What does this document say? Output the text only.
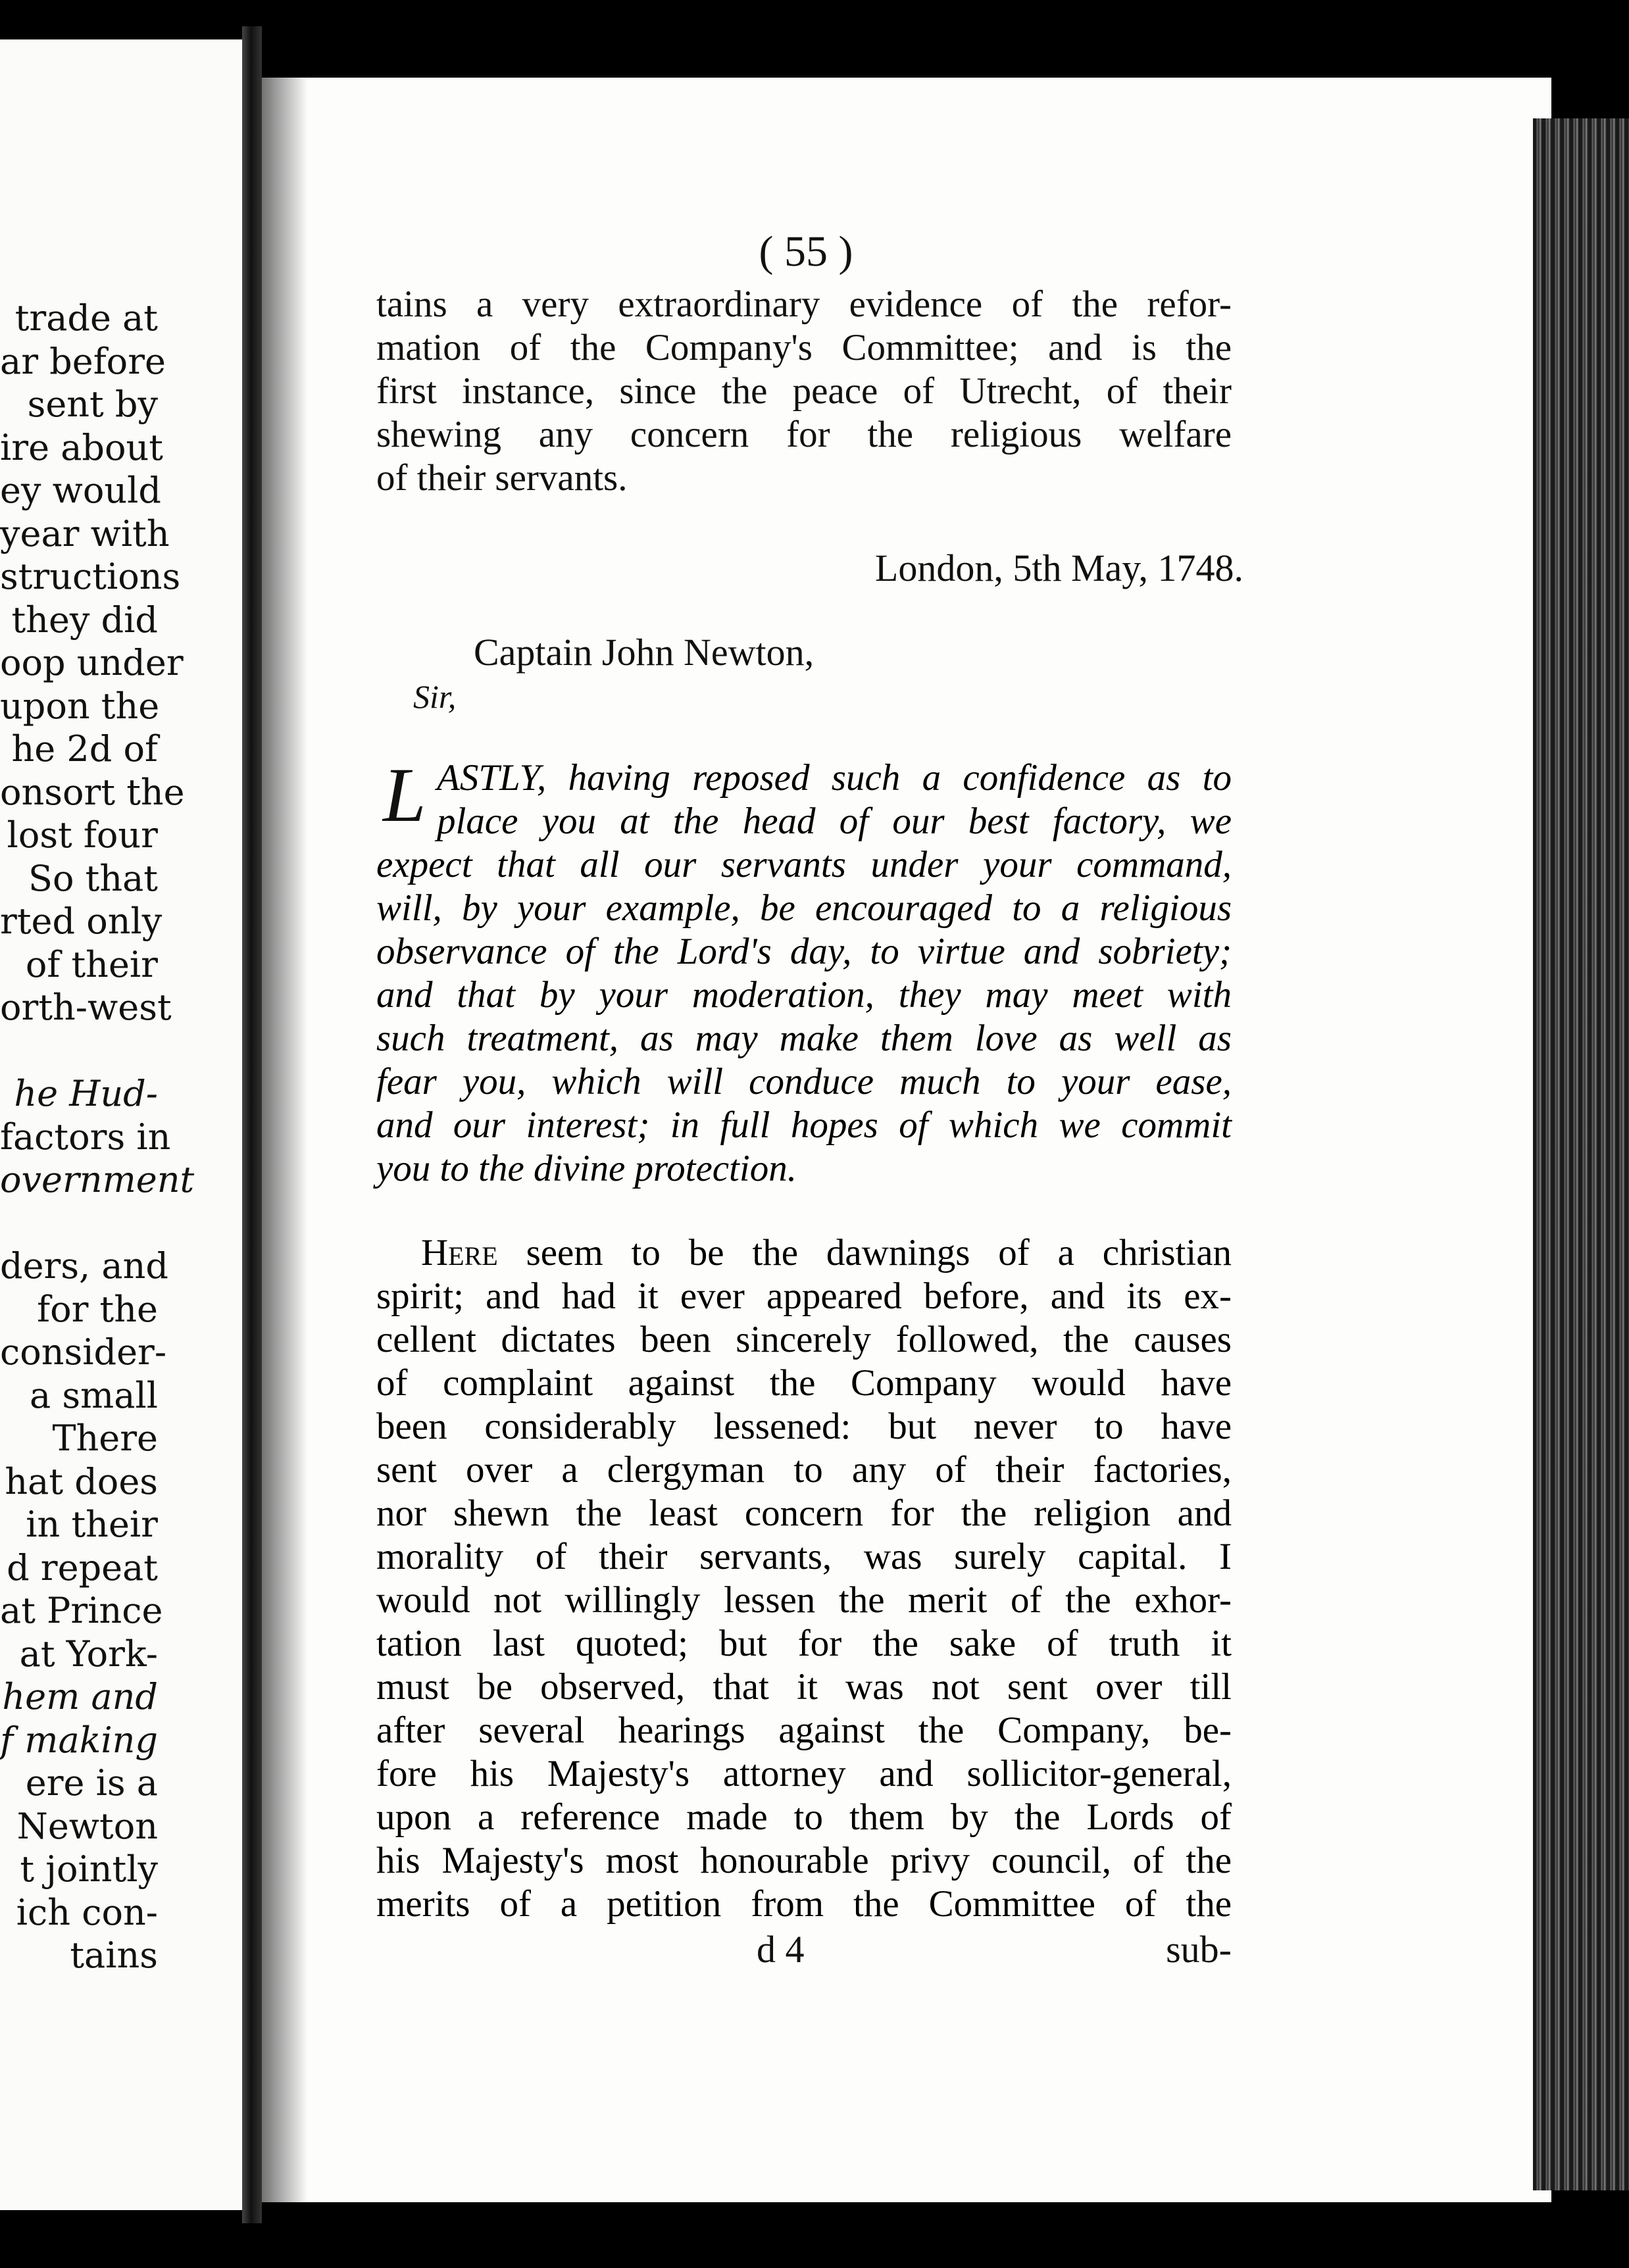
trade at
ar before
sent by
ire about
ey would
year with
structions
they did
oop under
upon the
he 2d of
onsort the
lost four
So that
rted only
of their
orth-west
he Hud-
factors in
overnment
ders, and
for the
consider-
a small
There
hat does
in their
d repeat
at Prince
at York-
hem and
f making
ere is a
Newton
t jointly
ich con-
tains
( 55 )
tains a very extraordinary evidence of the refor-
mation of the Company's Committee; and is the
first instance, since the peace of Utrecht, of their
shewing any concern for the religious welfare
of their servants.
London, 5th May, 1748.
Captain John Newton,
Sir,
L ASTLY, having reposed such a confidence as to
place you at the head of our best factory, we
expect that all our servants under your command,
will, by your example, be encouraged to a religious
observance of the Lord's day, to virtue and sobriety;
and that by your moderation, they may meet with
such treatment, as may make them love as well as
fear you, which will conduce much to your ease,
and our interest; in full hopes of which we commit
you to the divine protection.
Here seem to be the dawnings of a christian
spirit; and had it ever appeared before, and its ex-
cellent dictates been sincerely followed, the causes
of complaint against the Company would have
been considerably lessened: but never to have
sent over a clergyman to any of their factories,
nor shewn the least concern for the religion and
morality of their servants, was surely capital. I
would not willingly lessen the merit of the exhor-
tation last quoted; but for the sake of truth it
must be observed, that it was not sent over till
after several hearings against the Company, be-
fore his Majesty's attorney and sollicitor-general,
upon a reference made to them by the Lords of
his Majesty's most honourable privy council, of the
merits of a petition from the Committee of the
d 4	sub-
